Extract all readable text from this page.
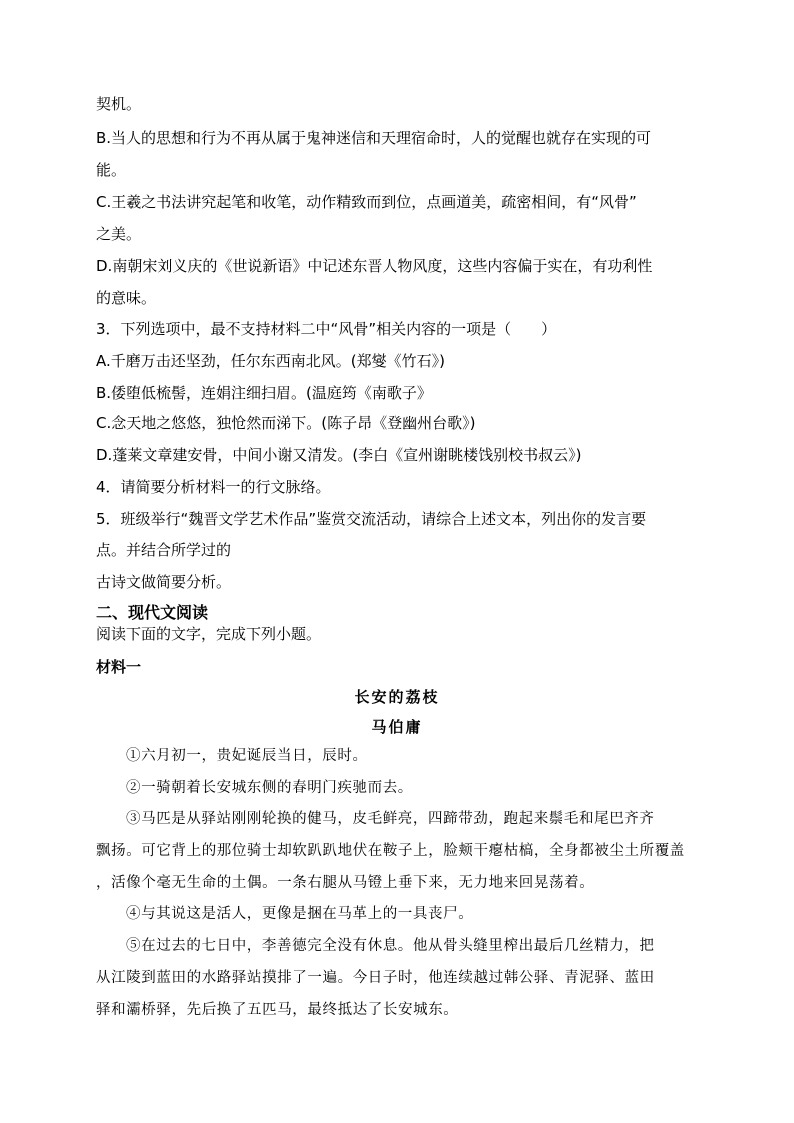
契机。
B.当人的思想和行为不再从属于鬼神迷信和天理宿命时，人的觉醒也就存在实现的可
能。
C.王羲之书法讲究起笔和收笔，动作精致而到位，点画道美，疏密相间，有“风骨”
之美。
D.南朝宋刘义庆的《世说新语》中记述东晋人物风度，这些内容偏于实在，有功利性
的意味。
3．下列选项中，最不支持材料二中“风骨”相关内容的一项是（　　）
A.千磨万击还坚劲，任尔东西南北风。(郑燮《竹石》)
B.倭堕低梳髻，连娟注细扫眉。(温庭筠《南歌子》
C.念天地之悠悠，独怆然而涕下。(陈子昂《登幽州台歌》)
D.蓬莱文章建安骨，中间小谢又清发。(李白《宣州谢眺楼饯别校书叔云》)
4．请简要分析材料一的行文脉络。
5．班级举行“魏晋文学艺术作品”鉴赏交流活动，请综合上述文本，列出你的发言要
点。并结合所学过的
古诗文做简要分析。
二、现代文阅读
阅读下面的文字，完成下列小题。
材料一
长安的荔枝
马伯庸
①六月初一，贵妃诞辰当日，辰时。
②一骑朝着长安城东侧的春明门疾驰而去。
③马匹是从驿站刚刚轮换的健马，皮毛鲜亮，四蹄带劲，跑起来鬃毛和尾巴齐齐
飘扬。可它背上的那位骑士却软趴趴地伏在鞍子上，脸颊干瘪枯槁，全身都被尘土所覆盖
，活像个毫无生命的土偶。一条右腿从马镫上垂下来，无力地来回晃荡着。
④与其说这是活人，更像是捆在马革上的一具丧尸。
⑤在过去的七日中，李善德完全没有休息。他从骨头缝里榨出最后几丝精力，把
从江陵到蓝田的水路驿站摸排了一遍。今日子时，他连续越过韩公驿、青泥驿、蓝田
驿和灞桥驿，先后换了五匹马，最终抵达了长安城东。
